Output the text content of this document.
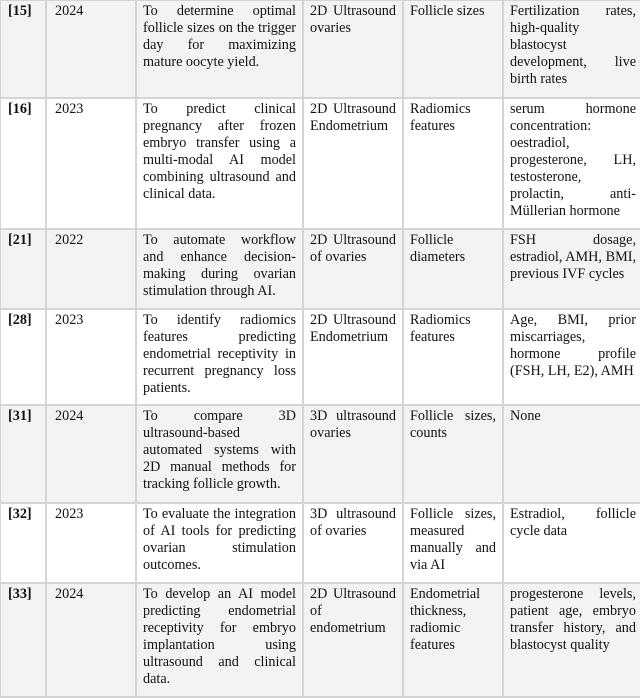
[15]	2024	To determine optimal follicle sizes on the trigger day for maximizing mature oocyte yield.	2D Ultrasound ovaries	Follicle sizes	Fertilization rates, high-quality blastocyst development, live birth rates
[16]	2023	To predict clinical pregnancy after frozen embryo transfer using a multi-modal AI model combining ultrasound and clinical data.	2D Ultrasound Endometrium	Radiomics features	serum hormone concentration: oestradiol, progesterone, LH, testosterone, prolactin, anti-Müllerian hormone
[21]	2022	To automate workflow and enhance decision-making during ovarian stimulation through AI.	2D Ultrasound of ovaries	Follicle diameters	FSH dosage, estradiol, AMH, BMI, previous IVF cycles
[28]	2023	To identify radiomics features predicting endometrial receptivity in recurrent pregnancy loss patients.	2D Ultrasound Endometrium	Radiomics features	Age, BMI, prior miscarriages, hormone profile (FSH, LH, E2), AMH
[31]	2024	To compare 3D ultrasound-based automated systems with 2D manual methods for tracking follicle growth.	3D ultrasound ovaries	Follicle sizes, counts	None
[32]	2023	To evaluate the integration of AI tools for predicting ovarian stimulation outcomes.	3D ultrasound of ovaries	Follicle sizes, measured manually and via AI	Estradiol, follicle cycle data
[33]	2024	To develop an AI model predicting endometrial receptivity for embryo implantation using ultrasound and clinical data.	2D Ultrasound of endometrium	Endometrial thickness, radiomic features	progesterone levels, patient age, embryo transfer history, and blastocyst quality
